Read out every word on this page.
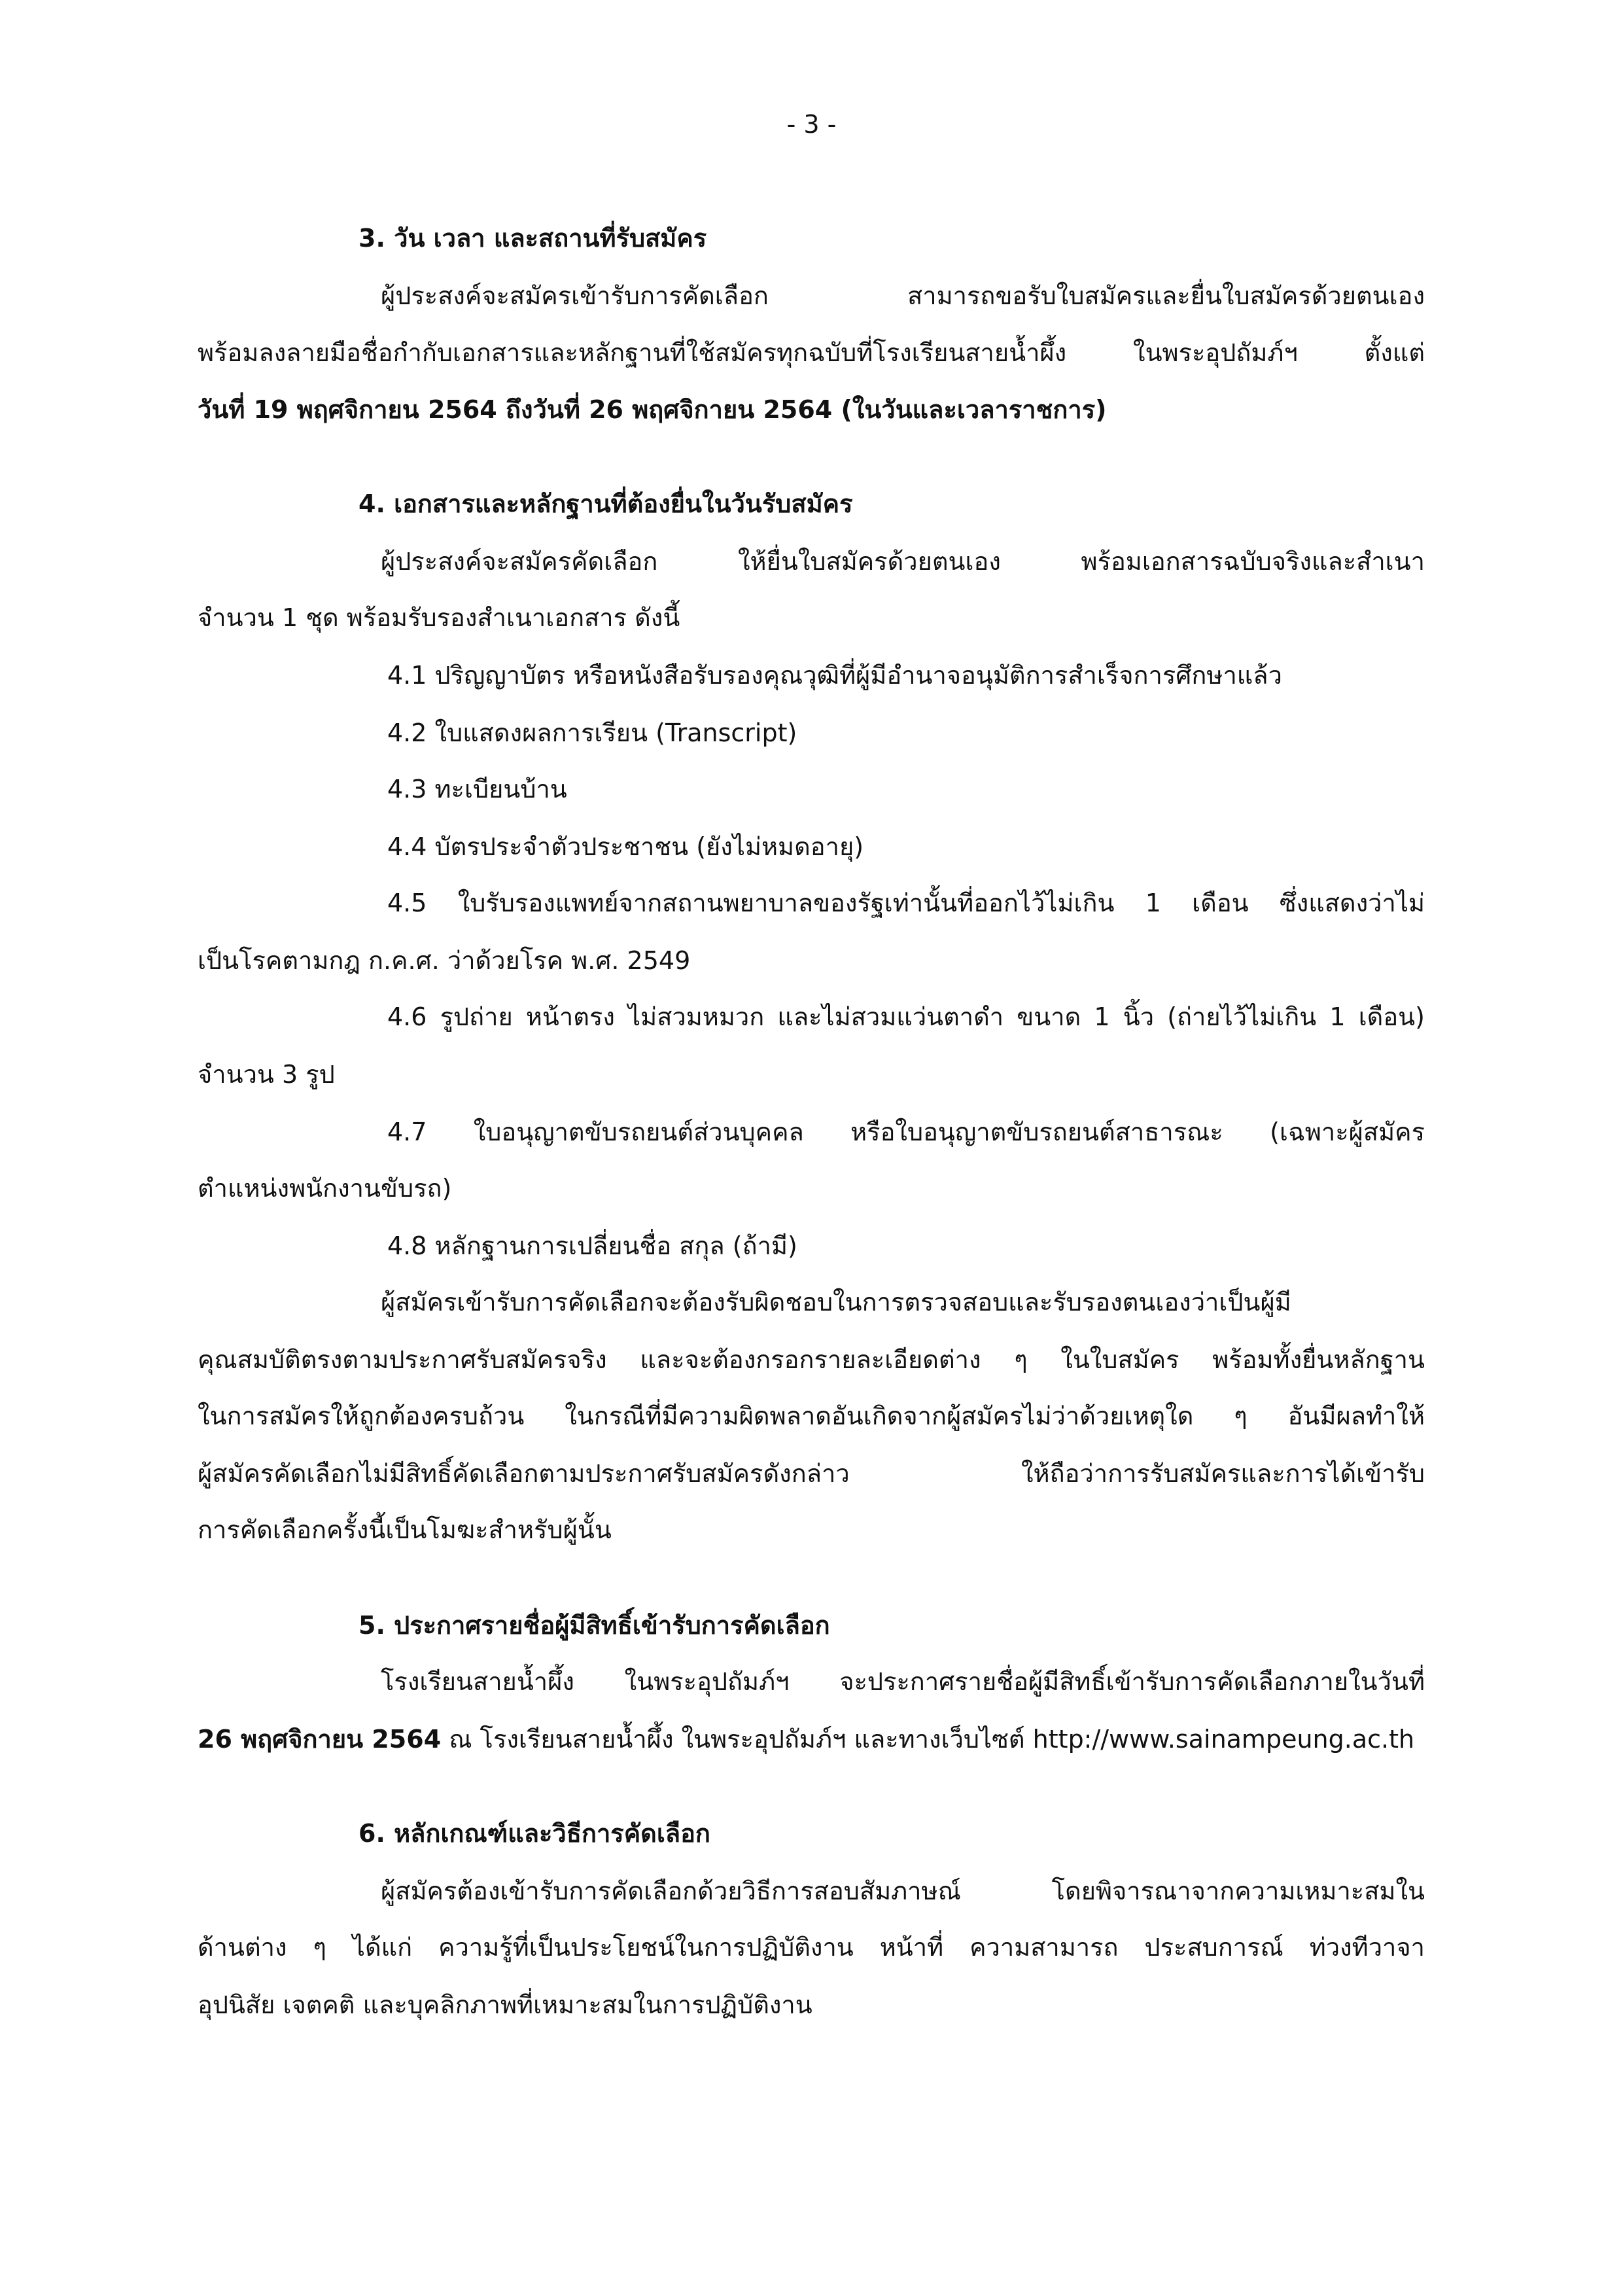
- 3 -
3. วัน เวลา และสถานที่รับสมัคร
ผู้ประสงค์จะสมัครเข้ารับการคัดเลือก สามารถขอรับใบสมัครและยื่นใบสมัครด้วยตนเอง
พร้อมลงลายมือชื่อกำกับเอกสารและหลักฐานที่ใช้สมัครทุกฉบับที่โรงเรียนสายน้ำผึ้ง ในพระอุปถัมภ์ฯ ตั้งแต่
วันที่ 19 พฤศจิกายน 2564 ถึงวันที่ 26 พฤศจิกายน 2564 (ในวันและเวลาราชการ)
4. เอกสารและหลักฐานที่ต้องยื่นในวันรับสมัคร
ผู้ประสงค์จะสมัครคัดเลือก ให้ยื่นใบสมัครด้วยตนเอง พร้อมเอกสารฉบับจริงและสำเนา
จำนวน 1 ชุด พร้อมรับรองสำเนาเอกสาร ดังนี้
4.1 ปริญญาบัตร หรือหนังสือรับรองคุณวุฒิที่ผู้มีอำนาจอนุมัติการสำเร็จการศึกษาแล้ว
4.2 ใบแสดงผลการเรียน (Transcript)
4.3 ทะเบียนบ้าน
4.4 บัตรประจำตัวประชาชน (ยังไม่หมดอายุ)
4.5 ใบรับรองแพทย์จากสถานพยาบาลของรัฐเท่านั้นที่ออกไว้ไม่เกิน 1 เดือน ซึ่งแสดงว่าไม่
เป็นโรคตามกฎ ก.ค.ศ. ว่าด้วยโรค พ.ศ. 2549
4.6 รูปถ่าย หน้าตรง ไม่สวมหมวก และไม่สวมแว่นตาดำ ขนาด 1 นิ้ว (ถ่ายไว้ไม่เกิน 1 เดือน)
จำนวน 3 รูป
4.7 ใบอนุญาตขับรถยนต์ส่วนบุคคล หรือใบอนุญาตขับรถยนต์สาธารณะ (เฉพาะผู้สมัคร
ตำแหน่งพนักงานขับรถ)
4.8 หลักฐานการเปลี่ยนชื่อ สกุล (ถ้ามี)
ผู้สมัครเข้ารับการคัดเลือกจะต้องรับผิดชอบในการตรวจสอบและรับรองตนเองว่าเป็นผู้มี
คุณสมบัติตรงตามประกาศรับสมัครจริง และจะต้องกรอกรายละเอียดต่าง ๆ ในใบสมัคร พร้อมทั้งยื่นหลักฐาน
ในการสมัครให้ถูกต้องครบถ้วน ในกรณีที่มีความผิดพลาดอันเกิดจากผู้สมัครไม่ว่าด้วยเหตุใด ๆ อันมีผลทำให้
ผู้สมัครคัดเลือกไม่มีสิทธิ์คัดเลือกตามประกาศรับสมัครดังกล่าว ให้ถือว่าการรับสมัครและการได้เข้ารับ
การคัดเลือกครั้งนี้เป็นโมฆะสำหรับผู้นั้น
5. ประกาศรายชื่อผู้มีสิทธิ์เข้ารับการคัดเลือก
โรงเรียนสายน้ำผึ้ง ในพระอุปถัมภ์ฯ จะประกาศรายชื่อผู้มีสิทธิ์เข้ารับการคัดเลือกภายในวันที่
26 พฤศจิกายน 2564 ณ โรงเรียนสายน้ำผึ้ง ในพระอุปถัมภ์ฯ และทางเว็บไซต์ http://www.sainampeung.ac.th
6. หลักเกณฑ์และวิธีการคัดเลือก
ผู้สมัครต้องเข้ารับการคัดเลือกด้วยวิธีการสอบสัมภาษณ์ โดยพิจารณาจากความเหมาะสมใน
ด้านต่าง ๆ ได้แก่ ความรู้ที่เป็นประโยชน์ในการปฏิบัติงาน หน้าที่ ความสามารถ ประสบการณ์ ท่วงทีวาจา
อุปนิสัย เจตคติ และบุคลิกภาพที่เหมาะสมในการปฏิบัติงาน
